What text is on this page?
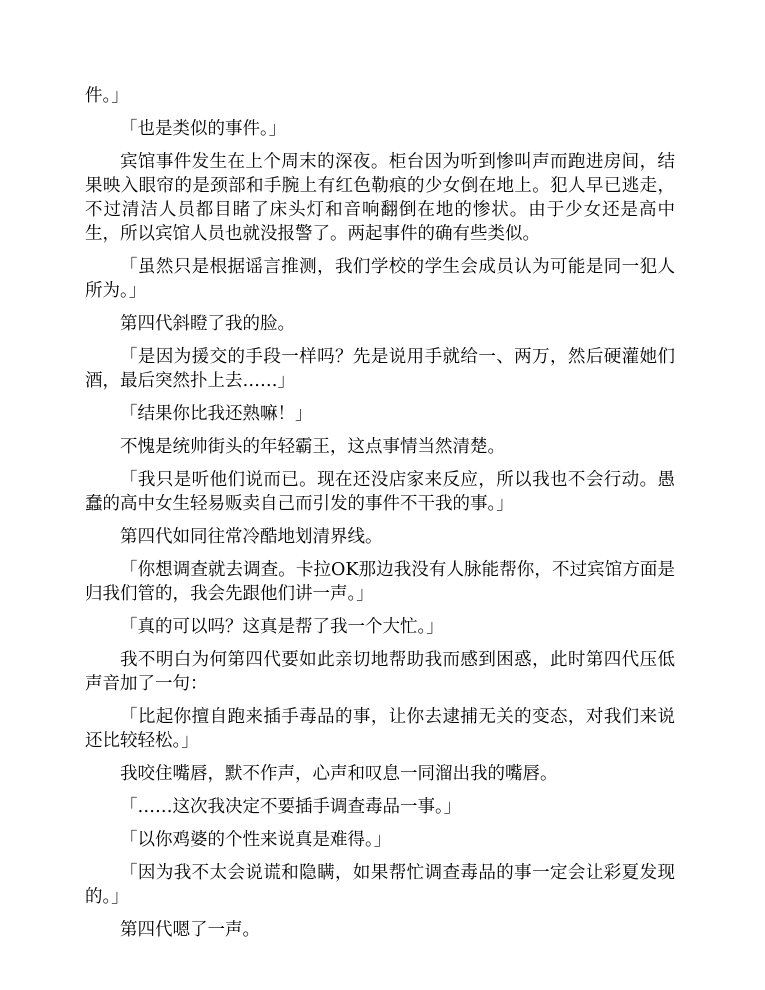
件。」

「也是类似的事件。」

宾馆事件发生在上个周末的深夜。柜台因为听到惨叫声而跑进房间，结果映入眼帘的是颈部和手腕上有红色勒痕的少女倒在地上。犯人早已逃走，不过清洁人员都目睹了床头灯和音响翻倒在地的惨状。由于少女还是高中生，所以宾馆人员也就没报警了。两起事件的确有些类似。

「虽然只是根据谣言推测，我们学校的学生会成员认为可能是同一犯人所为。」

第四代斜瞪了我的脸。

「是因为援交的手段一样吗？先是说用手就给一、两万，然后硬灌她们酒，最后突然扑上去……」

「结果你比我还熟嘛！」

不愧是统帅街头的年轻霸王，这点事情当然清楚。

「我只是听他们说而已。现在还没店家来反应，所以我也不会行动。愚蠢的高中女生轻易贩卖自己而引发的事件不干我的事。」

第四代如同往常冷酷地划清界线。

「你想调查就去调查。卡拉OK那边我没有人脉能帮你，不过宾馆方面是归我们管的，我会先跟他们讲一声。」

「真的可以吗？这真是帮了我一个大忙。」

我不明白为何第四代要如此亲切地帮助我而感到困惑，此时第四代压低声音加了一句：

「比起你擅自跑来插手毒品的事，让你去逮捕无关的变态，对我们来说还比较轻松。」

我咬住嘴唇，默不作声，心声和叹息一同溜出我的嘴唇。

「……这次我决定不要插手调查毒品一事。」

「以你鸡婆的个性来说真是难得。」

「因为我不太会说谎和隐瞒，如果帮忙调查毒品的事一定会让彩夏发现的。」

第四代嗯了一声。
